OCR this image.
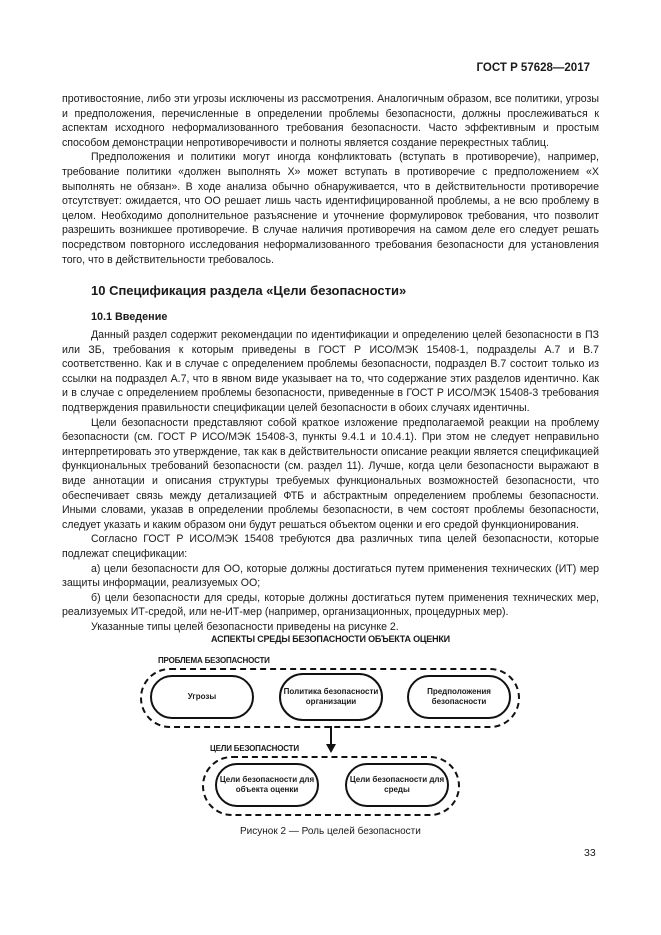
ГОСТ Р 57628—2017

противостояние, либо эти угрозы исключены из рассмотрения. Аналогичным образом, все политики, угрозы и предположения, перечисленные в определении проблемы безопасности, должны прослеживаться к аспектам исходного неформализованного требования безопасности. Часто эффективным и простым способом демонстрации непротиворечивости и полноты является создание перекрестных таблиц.

Предположения и политики могут иногда конфликтовать (вступать в противоречие), например, требование политики «должен выполнять X» может вступать в противоречие с предположением «X выполнять не обязан». В ходе анализа обычно обнаруживается, что в действительности противоречие отсутствует: ожидается, что ОО решает лишь часть идентифицированной проблемы, а не всю проблему в целом. Необходимо дополнительное разъяснение и уточнение формулировок требования, что позволит разрешить возникшее противоречие. В случае наличия противоречия на самом деле его следует решать посредством повторного исследования неформализованного требования безопасности для установления того, что в действительности требовалось.

10 Спецификация раздела «Цели безопасности»
10.1 Введение

Данный раздел содержит рекомендации по идентификации и определению целей безопасности в ПЗ или ЗБ, требования к которым приведены в ГОСТ Р ИСО/МЭК 15408-1, подразделы А.7 и В.7 соответственно. Как и в случае с определением проблемы безопасности, подраздел В.7 состоит только из ссылки на подраздел А.7, что в явном виде указывает на то, что содержание этих разделов идентично. Как и в случае с определением проблемы безопасности, приведенные в ГОСТ Р ИСО/МЭК 15408-3 требования подтверждения правильности спецификации целей безопасности в обоих случаях идентичны.

Цели безопасности представляют собой краткое изложение предполагаемой реакции на проблему безопасности (см. ГОСТ Р ИСО/МЭК 15408-3, пункты 9.4.1 и 10.4.1). При этом не следует неправильно интерпретировать это утверждение, так как в действительности описание реакции является спецификацией функциональных требований безопасности (см. раздел 11). Лучше, когда цели безопасности выражают в виде аннотации и описания структуры требуемых функциональных возможностей безопасности, что обеспечивает связь между детализацией ФТБ и абстрактным определением проблемы безопасности. Иными словами, указав в определении проблемы безопасности, в чем состоят проблемы безопасности, следует указать и каким образом они будут решаться объектом оценки и его средой функционирования.

Согласно ГОСТ Р ИСО/МЭК 15408 требуются два различных типа целей безопасности, которые подлежат спецификации:

а) цели безопасности для ОО, которые должны достигаться путем применения технических (ИТ) мер защиты информации, реализуемых ОО;

б) цели безопасности для среды, которые должны достигаться путем применения технических мер, реализуемых ИТ-средой, или не-ИТ-мер (например, организационных, процедурных мер).

Указанные типы целей безопасности приведены на рисунке 2.

АСПЕКТЫ СРЕДЫ БЕЗОПАСНОСТИ ОБЪЕКТА ОЦЕНКИ
ПРОБЛЕМА БЕЗОПАСНОСТИ
Угрозы
Политика безопасности организации
Предположения безопасности
ЦЕЛИ БЕЗОПАСНОСТИ
Цели безопасности для объекта оценки
Цели безопасности для среды
Рисунок 2 — Роль целей безопасности
33
